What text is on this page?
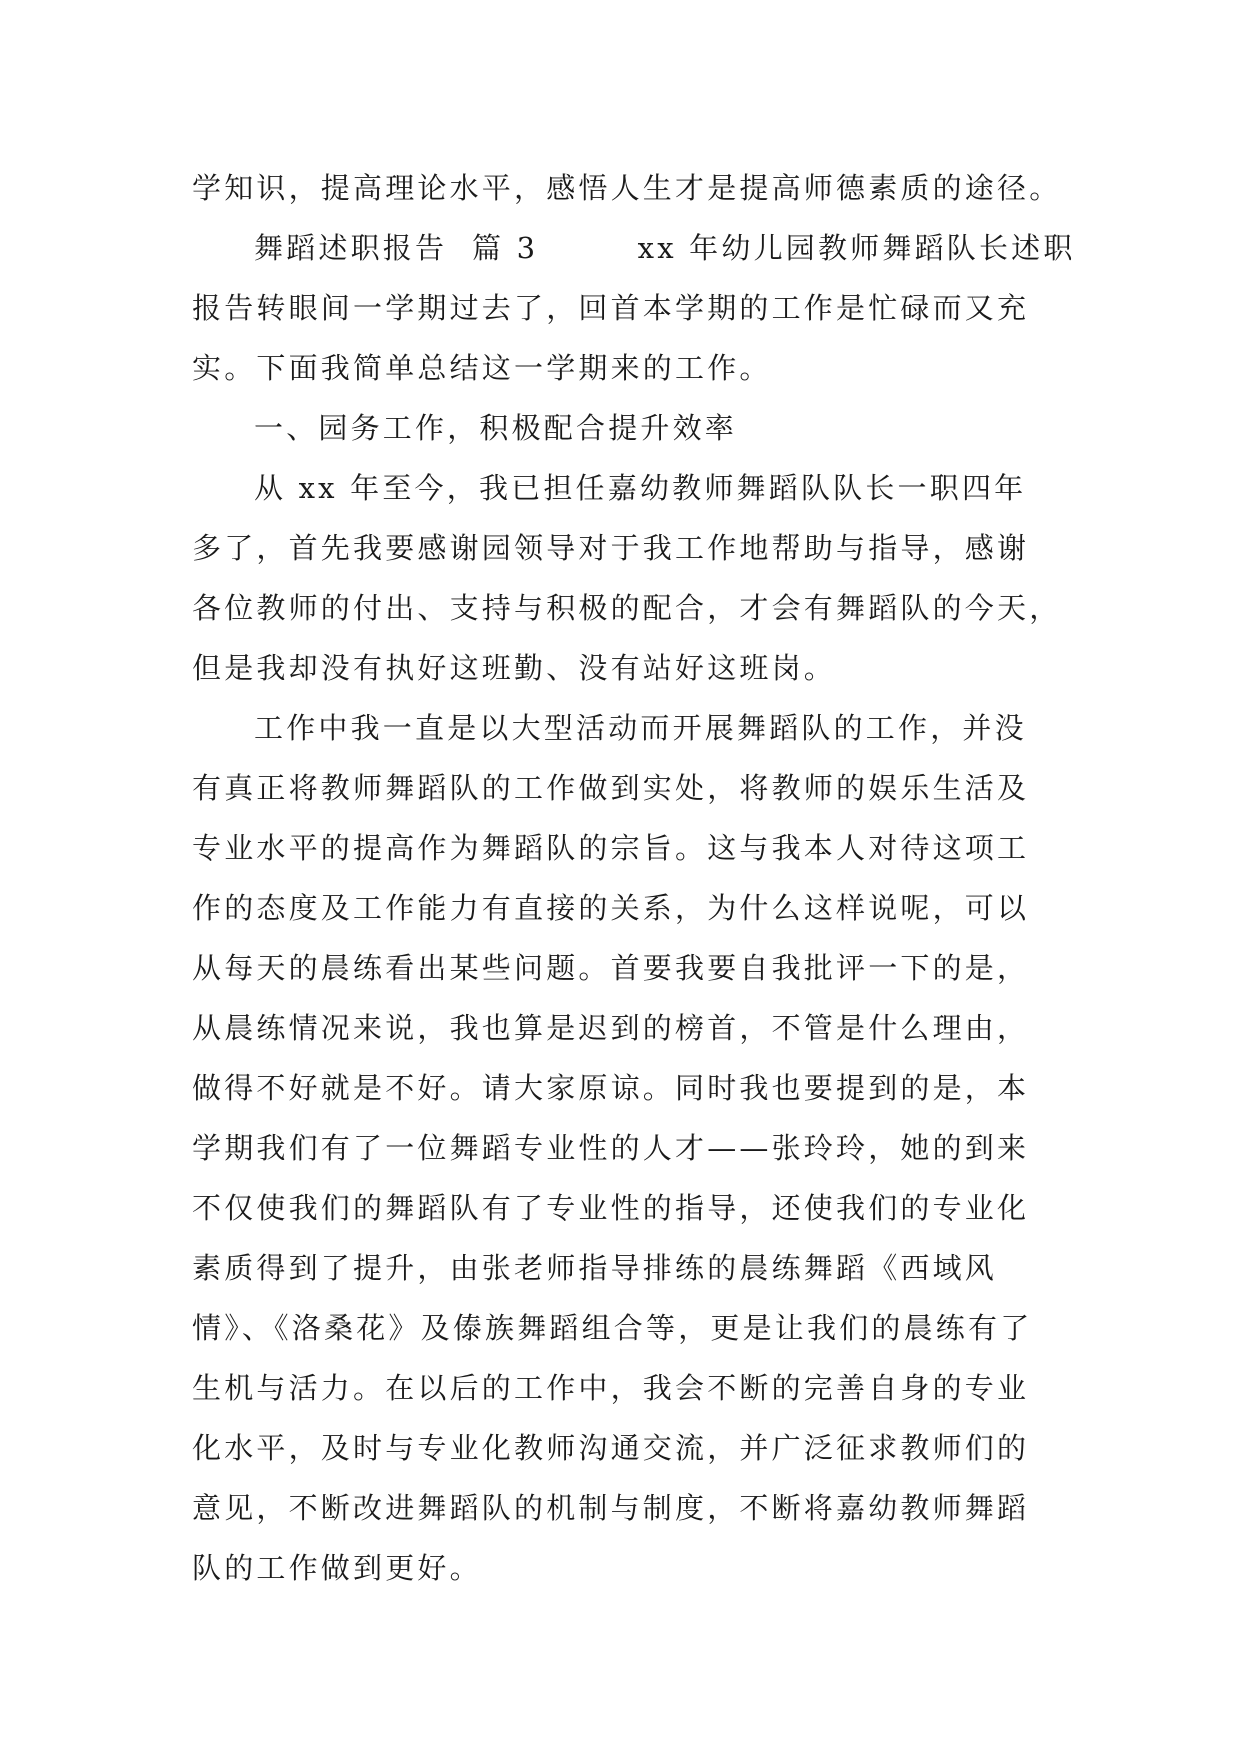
学知识，提高理论水平，感悟人生才是提高师德素质的途径。
舞蹈述职报告  篇 3        xx 年幼儿园教师舞蹈队长述职
报告转眼间一学期过去了，回首本学期的工作是忙碌而又充
实。下面我简单总结这一学期来的工作。
一、园务工作，积极配合提升效率
从 xx 年至今，我已担任嘉幼教师舞蹈队队长一职四年
多了，首先我要感谢园领导对于我工作地帮助与指导，感谢
各位教师的付出、支持与积极的配合，才会有舞蹈队的今天，
但是我却没有执好这班勤、没有站好这班岗。
工作中我一直是以大型活动而开展舞蹈队的工作，并没
有真正将教师舞蹈队的工作做到实处，将教师的娱乐生活及
专业水平的提高作为舞蹈队的宗旨。这与我本人对待这项工
作的态度及工作能力有直接的关系，为什么这样说呢，可以
从每天的晨练看出某些问题。首要我要自我批评一下的是，
从晨练情况来说，我也算是迟到的榜首，不管是什么理由，
做得不好就是不好。请大家原谅。同时我也要提到的是，本
学期我们有了一位舞蹈专业性的人才——张玲玲，她的到来
不仅使我们的舞蹈队有了专业性的指导，还使我们的专业化
素质得到了提升，由张老师指导排练的晨练舞蹈《西域风
情》、《洛桑花》及傣族舞蹈组合等，更是让我们的晨练有了
生机与活力。在以后的工作中，我会不断的完善自身的专业
化水平，及时与专业化教师沟通交流，并广泛征求教师们的
意见，不断改进舞蹈队的机制与制度，不断将嘉幼教师舞蹈
队的工作做到更好。
